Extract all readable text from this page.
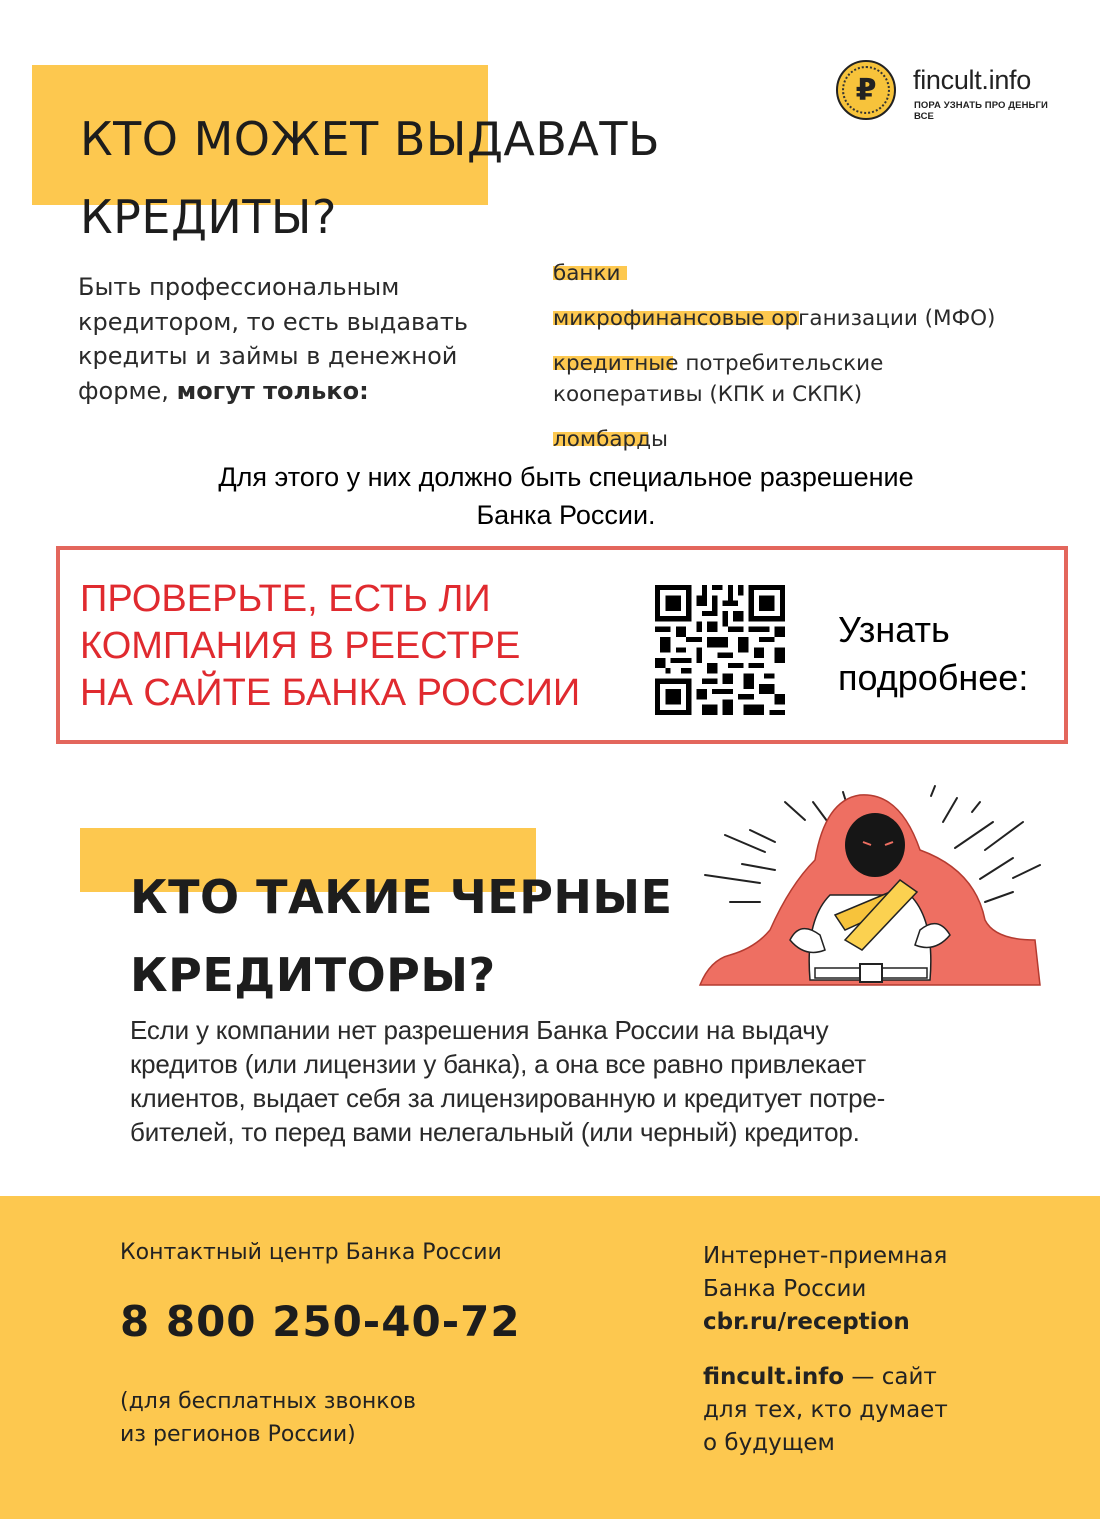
₽ fincult.info
ПОРА УЗНАТЬ ПРО ДЕНЬГИ ВСЕ
КТО МОЖЕТ ВЫДАВАТЬ
КРЕДИТЫ?

Быть профессиональным кредитором, то есть выдавать кредиты и займы в денежной форме, могут только:

банки
микрофинансовые организации (МФО)
кредитные потребительские кооперативы (КПК и СКПК)
ломбарды
Для этого у них должно быть специальное разрешение
Банка России.
ПРОВЕРЬТЕ, ЕСТЬ ЛИ
КОМПАНИЯ В РЕЕСТРЕ
НА САЙТЕ БАНКА РОССИИ
Узнать
подробнее:
КТО ТАКИЕ ЧЕРНЫЕ
КРЕДИТОРЫ?
Если у компании нет разрешения Банка России на выдачу
кредитов (или лицензии у банка), а она все равно привлекает
клиентов, выдает себя за лицензированную и кредитует потре-
бителей, то перед вами нелегальный (или черный) кредитор.
Контактный центр Банка России
8 800 250-40-72
(для бесплатных звонков
из регионов России)
Интернет-приемная
Банка России
cbr.ru/reception
fincult.info — сайт
для тех, кто думает
о будущем
